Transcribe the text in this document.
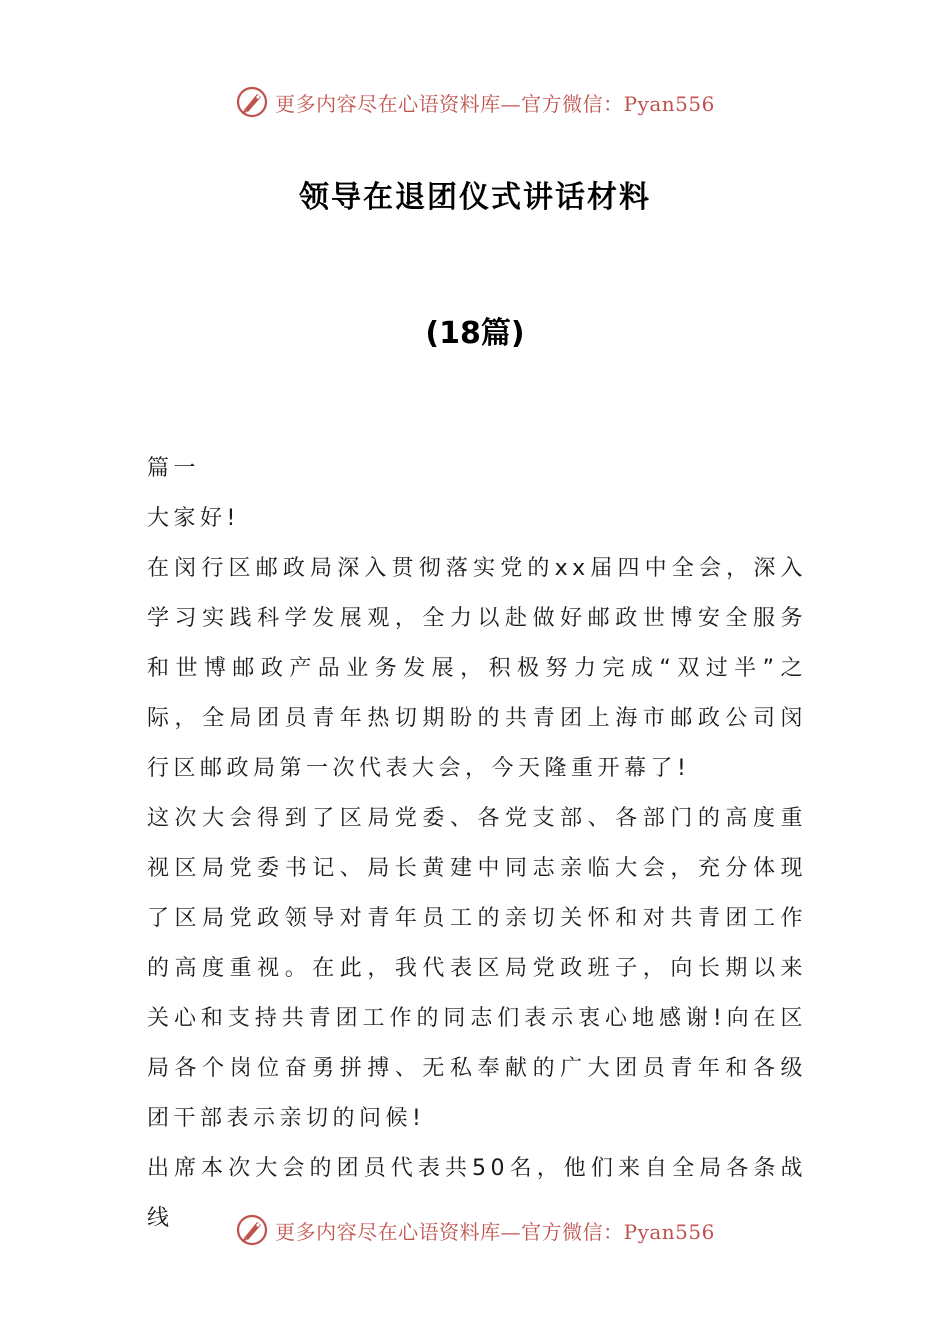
更多内容尽在心语资料库—官方微信：Pyan556
领导在退团仪式讲话材料
(18篇)

篇一

大家好!

在闵行区邮政局深入贯彻落实党的xx届四中全会，深入学习实践科学发展观，全力以赴做好邮政世博安全服务和世博邮政产品业务发展，积极努力完成“双过半”之际，全局团员青年热切期盼的共青团上海市邮政公司闵行区邮政局第一次代表大会，今天隆重开幕了!

这次大会得到了区局党委、各党支部、各部门的高度重视区局党委书记、局长黄建中同志亲临大会，充分体现了区局党政领导对青年员工的亲切关怀和对共青团工作的高度重视。在此，我代表区局党政班子，向长期以来关心和支持共青团工作的同志们表示衷心地感谢!向在区局各个岗位奋勇拼搏、无私奉献的广大团员青年和各级团干部表示亲切的问候!

出席本次大会的团员代表共50名，他们来自全局各条战线

更多内容尽在心语资料库—官方微信：Pyan556
